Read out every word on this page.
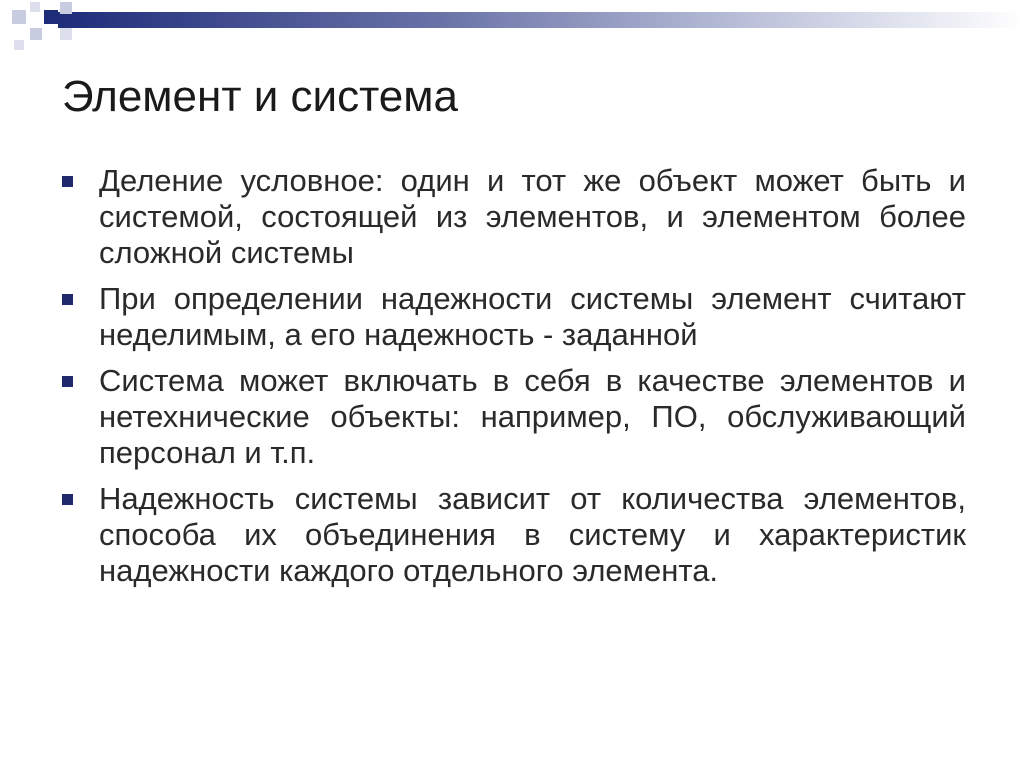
Элемент и система
Деление условное: один и тот же объект может быть и системой, состоящей из элементов, и элементом более сложной системы
При определении надежности системы элемент считают неделимым, а его надежность - заданной
Система может включать в себя в качестве элементов и нетехнические объекты: например, ПО, обслуживающий персонал и т.п.
Надежность системы зависит от количества элементов, способа их объединения в систему и характеристик надежности каждого отдельного элемента.
